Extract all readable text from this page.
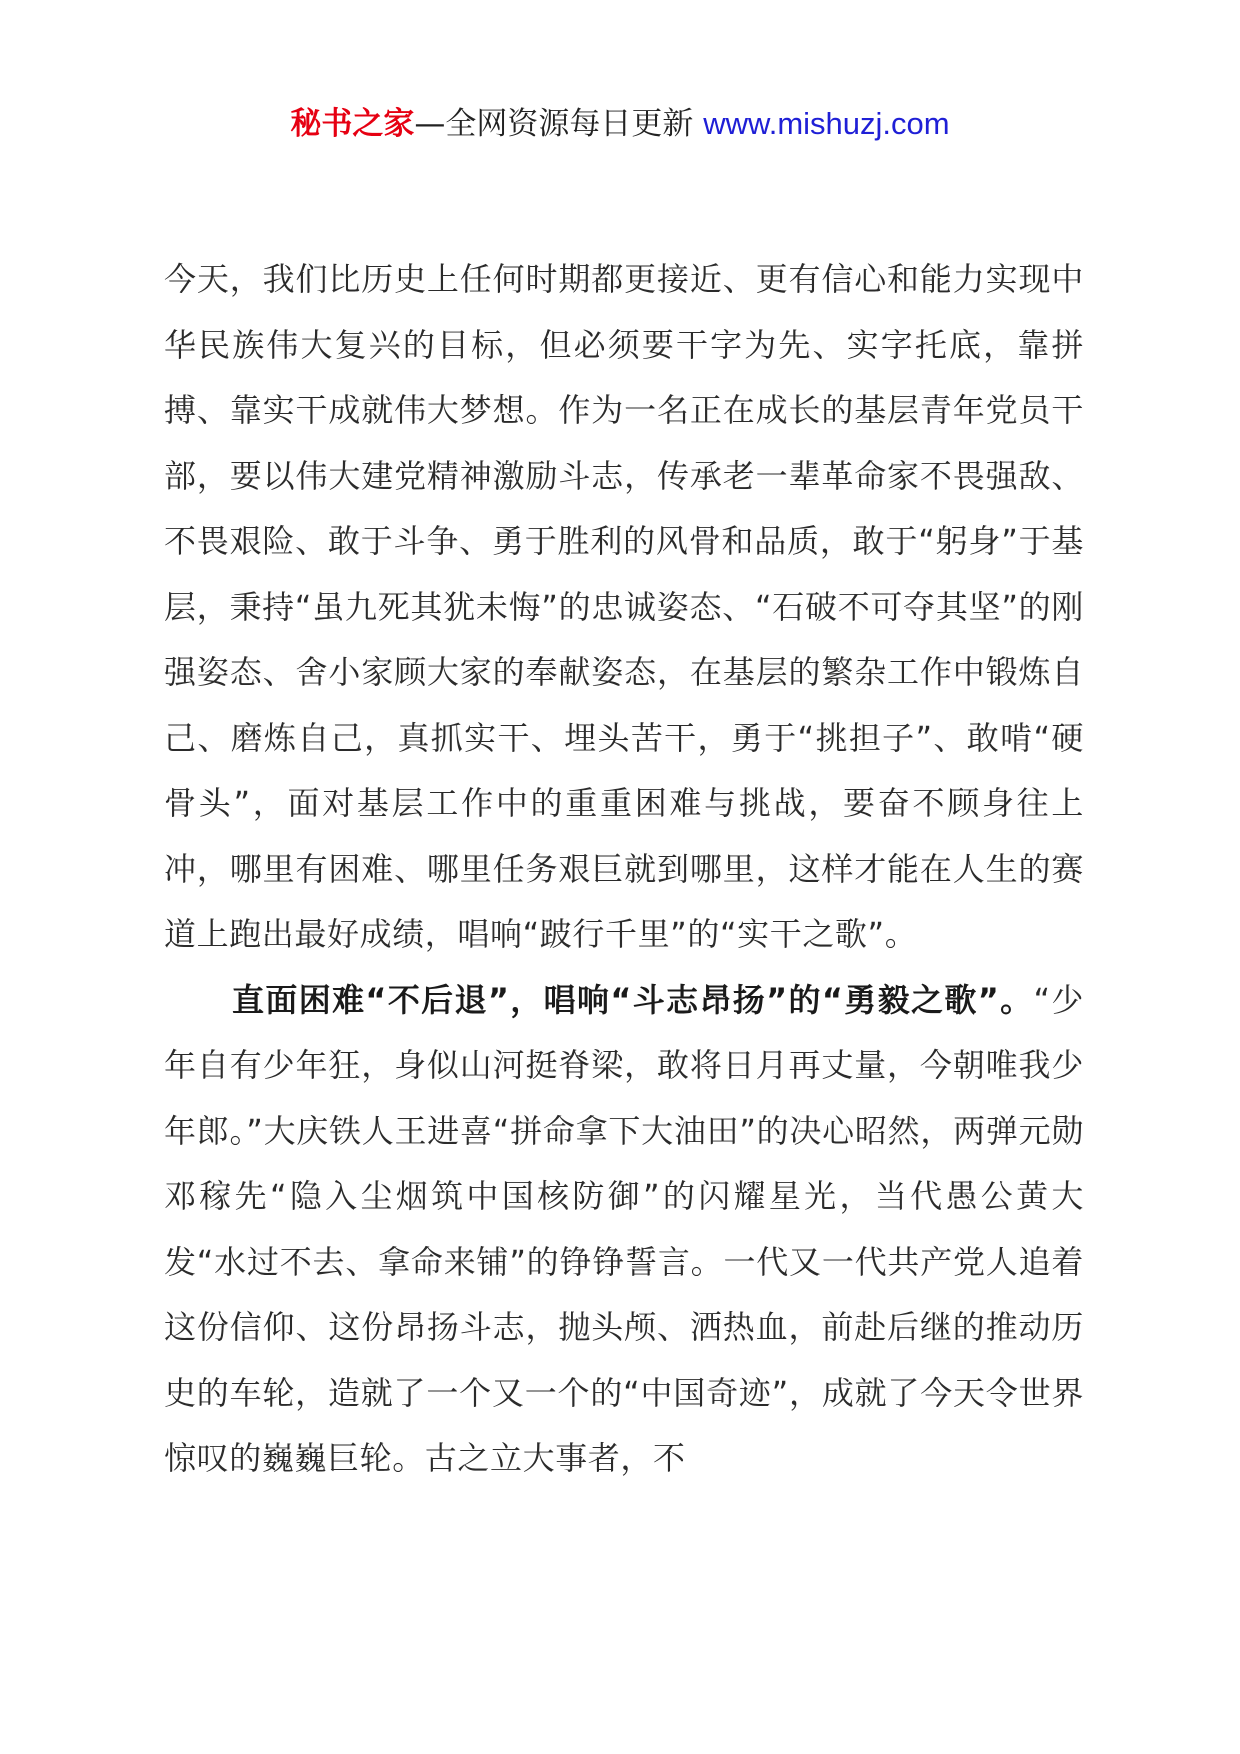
秘书之家—全网资源每日更新 www.mishuzj.com

今天，我们比历史上任何时期都更接近、更有信心和能力实现中华民族伟大复兴的目标，但必须要干字为先、实字托底，靠拼搏、靠实干成就伟大梦想。作为一名正在成长的基层青年党员干部，要以伟大建党精神激励斗志，传承老一辈革命家不畏强敌、不畏艰险、敢于斗争、勇于胜利的风骨和品质，敢于“躬身”于基层，秉持“虽九死其犹未悔”的忠诚姿态、“石破不可夺其坚”的刚强姿态、舍小家顾大家的奉献姿态，在基层的繁杂工作中锻炼自己、磨炼自己，真抓实干、埋头苦干，勇于“挑担子”、敢啃“硬骨头”，面对基层工作中的重重困难与挑战，要奋不顾身往上冲，哪里有困难、哪里任务艰巨就到哪里，这样才能在人生的赛道上跑出最好成绩，唱响“跛行千里”的“实干之歌”。

直面困难“不后退”，唱响“斗志昂扬”的“勇毅之歌”。“少年自有少年狂，身似山河挺脊梁，敢将日月再丈量，今朝唯我少年郎。”大庆铁人王进喜“拼命拿下大油田”的决心昭然，两弹元勋邓稼先“隐入尘烟筑中国核防御”的闪耀星光，当代愚公黄大发“水过不去、拿命来铺”的铮铮誓言。一代又一代共产党人追着这份信仰、这份昂扬斗志，抛头颅、洒热血，前赴后继的推动历史的车轮，造就了一个又一个的“中国奇迹”，成就了今天令世界惊叹的巍巍巨轮。古之立大事者，不
